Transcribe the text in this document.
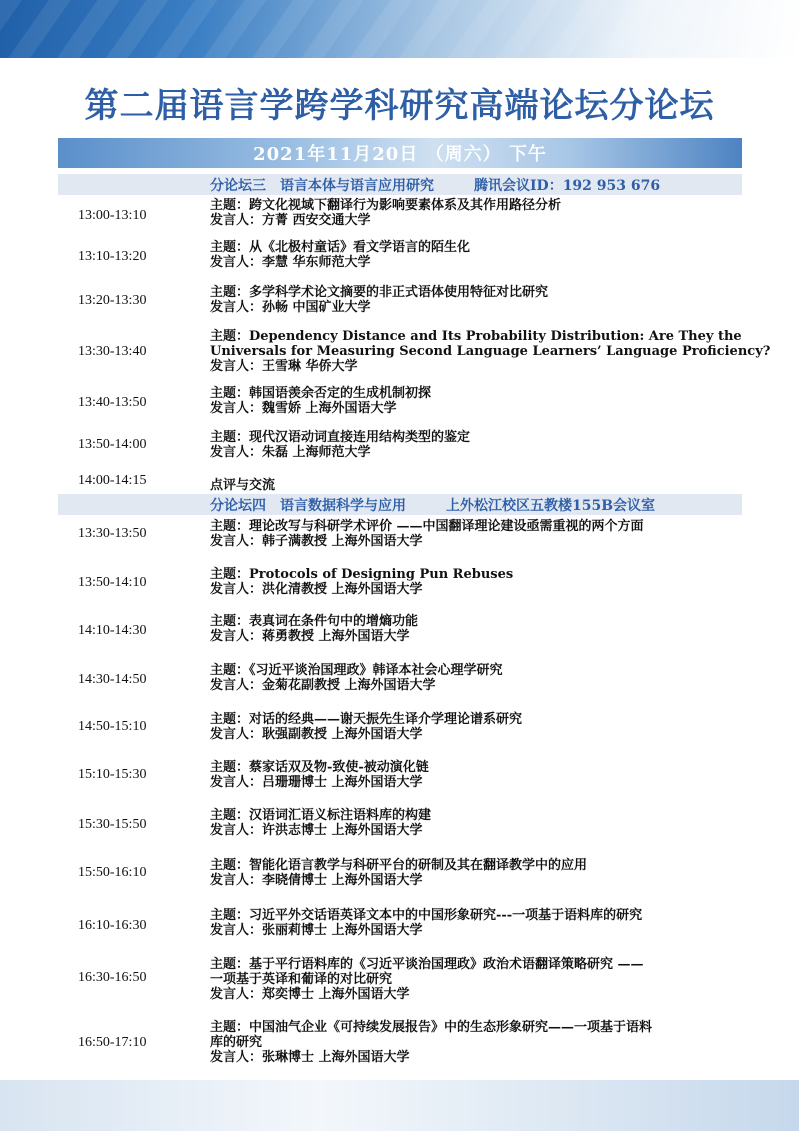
第二届语言学跨学科研究高端论坛分论坛
2021年11月20日 （周六） 下午
分论坛三 语言本体与语言应用研究	腾讯会议ID：192 953 676
13:00-13:10
主题：跨文化视域下翻译行为影响要素体系及其作用路径分析
发言人：方菁 西安交通大学
13:10-13:20
主题：从《北极村童话》看文学语言的陌生化
发言人：李慧 华东师范大学
13:20-13:30
主题：多学科学术论文摘要的非正式语体使用特征对比研究
发言人：孙畅 中国矿业大学
13:30-13:40
主题：Dependency Distance and Its Probability Distribution: Are They the
Universals for Measuring Second Language Learners’ Language Proficiency?
发言人：王雪琳 华侨大学
13:40-13:50
主题：韩国语羡余否定的生成机制初探
发言人：魏雪娇 上海外国语大学
13:50-14:00	主题：现代汉语动词直接连用结构类型的鉴定
发言人：朱磊 上海师范大学
14:00-14:15	点评与交流
分论坛四 语言数据科学与应用	上外松江校区五教楼155B会议室
13:30-13:50	主题：理论改写与科研学术评价 ——中国翻译理论建设亟需重视的两个方面
发言人：韩子满教授 上海外国语大学
13:50-14:10
主题：Protocols of Designing Pun Rebuses
发言人：洪化清教授 上海外国语大学
14:10-14:30
主题：表真词在条件句中的增熵功能
发言人：蒋勇教授 上海外国语大学
14:30-14:50
主题：《习近平谈治国理政》韩译本社会心理学研究
发言人：金菊花副教授 上海外国语大学
14:50-15:10	主题：对话的经典——谢天振先生译介学理论谱系研究
发言人：耿强副教授 上海外国语大学
15:10-15:30	主题：蔡家话双及物-致使-被动演化链
发言人：吕珊珊博士 上海外国语大学
15:30-15:50
主题：汉语词汇语义标注语料库的构建
发言人：许洪志博士 上海外国语大学
15:50-16:10	主题：智能化语言教学与科研平台的研制及其在翻译教学中的应用
发言人：李晓倩博士 上海外国语大学
16:10-16:30
主题：习近平外交话语英译文本中的中国形象研究---一项基于语料库的研究
发言人：张丽莉博士 上海外国语大学
16:30-16:50
主题：基于平行语料库的《习近平谈治国理政》政治术语翻译策略研究 ——
一项基于英译和葡译的对比研究
发言人：郑奕博士 上海外国语大学
16:50-17:10
主题：中国油气企业《可持续发展报告》中的生态形象研究——一项基于语料
库的研究
发言人：张琳博士 上海外国语大学
